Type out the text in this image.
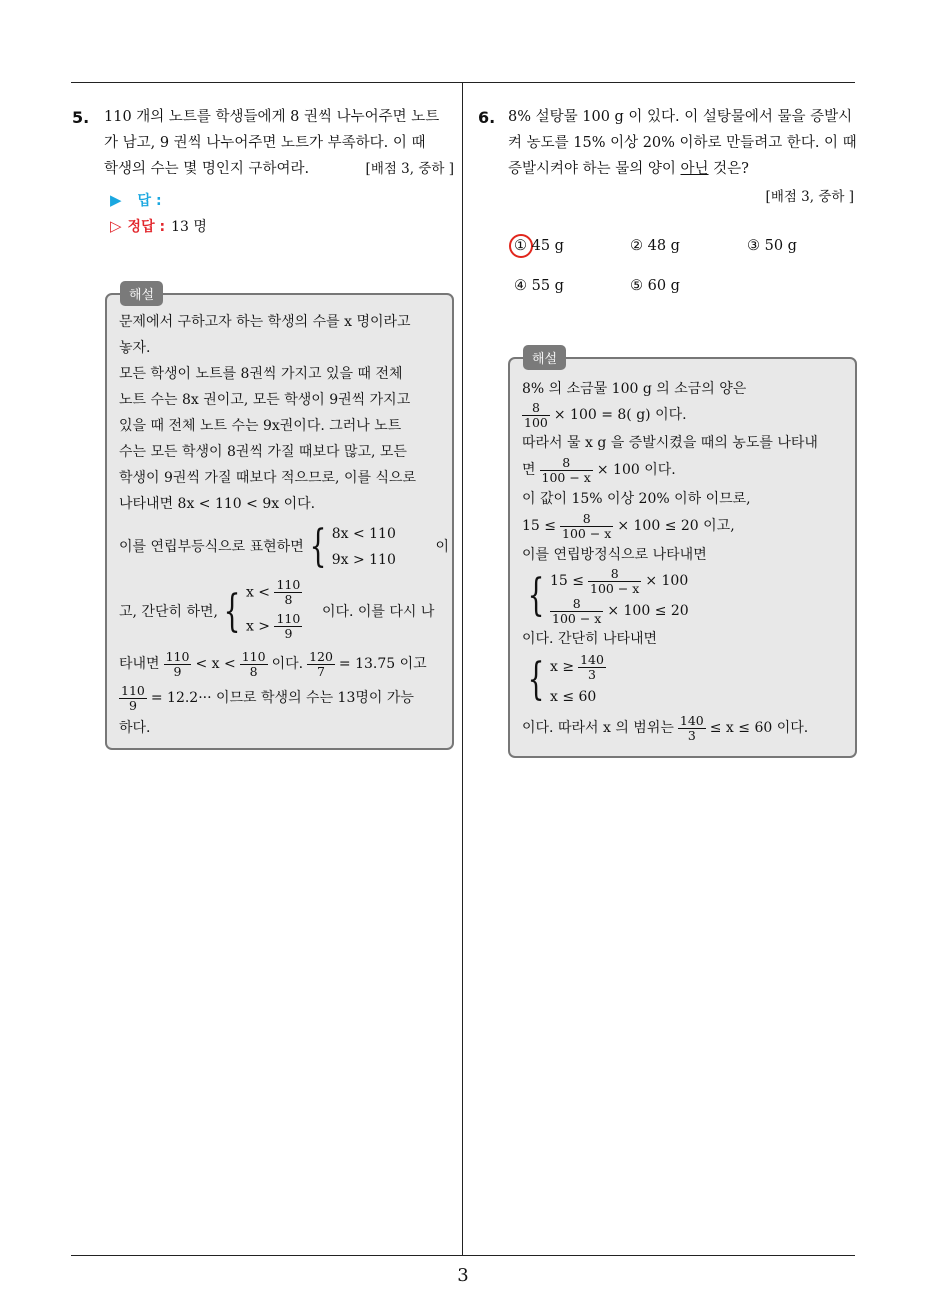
3
5. 110 개의 노트를 학생들에게 8 권씩 나누어주면 노트
가 남고, 9 권씩 나누어주면 노트가 부족하다. 이 때
학생의 수는 몇 명인지 구하여라.	[배점 3, 중하 ]
▶ 답 :
▷ 정답 : 13 명
문제에서 구하고자 하는 학생의 수를 x 명이라고
놓자.
모든 학생이 노트를 8권씩 가지고 있을 때 전체
노트 수는 8x 권이고, 모든 학생이 9권씩 가지고
있을 때 전체 노트 수는 9x권이다. 그러나 노트
수는 모든 학생이 8권씩 가질 때보다 많고, 모든
학생이 9권씩 가질 때보다 적으므로, 이를 식으로
나타내면 8x < 110 < 9x 이다.
이를 연립부등식으로 표현하면 { 8x < 110
9x > 110
이
고, 간단히 하면, { $x < \frac{110}{8}$
$x > \frac{110}{9}$ 이다. 이를 다시 나
타내면 $\frac{110}{9} < x < \frac{110}{8}$ 이다. $\frac{120}{7} = 13.75$ 이고
$\frac{110}{9} = 12.2\cdot\cdot\cdot$ 이므로 학생의 수는 13명이 가능
하다.
해설
6. 8% 설탕물 100 g 이 있다. 이 설탕물에서 물을 증발시
켜 농도를 15% 이상 20% 이하로 만들려고 한다. 이 때
증발시켜야 하는 물의 양이 아닌 것은?
[배점 3, 중하 ]
① 45 g	② 48 g	③ 50 g
④ 55 g	⑤ 60 g
8% 의 소금물 100 g 의 소금의 양은
$\frac{8}{100} \times 100 = 8$( g) 이다.
따라서 물 x g 을 증발시켰을 때의 농도를 나타내
면 $\frac{8}{100 - x} \times 100$ 이다.
이 값이 15% 이상 20% 이하 이므로,
$15 \le \frac{8}{100 - x} \times 100 \le 20$ 이고,
이를 연립방정식으로 나타내면
{ $15 \le \frac{8}{100 - x} \times 100$
$\frac{8}{100 - x} \times 100 \le 20$
이다. 간단히 나타내면
{ $x \ge \frac{140}{3}$
x ≤ 60
이다. 따라서 x 의 범위는 $\frac{140}{3} \le x \le 60$ 이다.
해설
